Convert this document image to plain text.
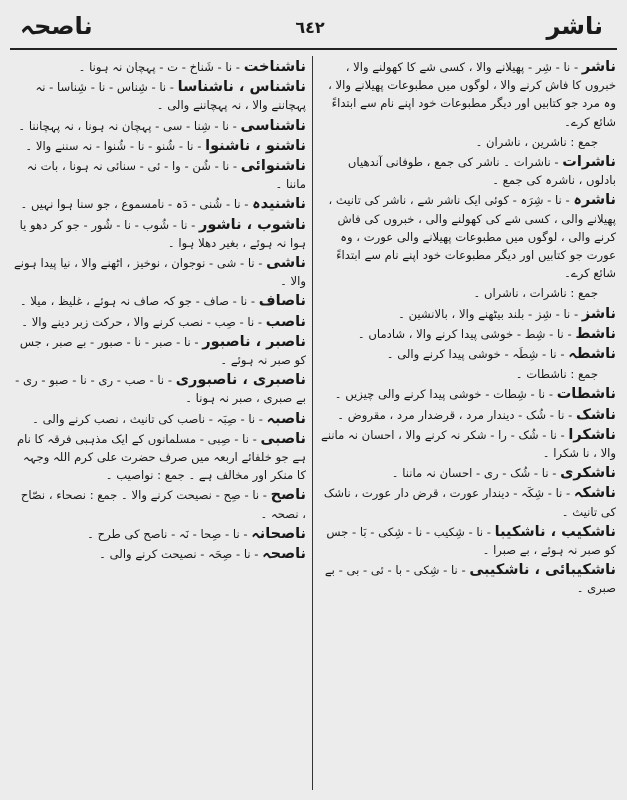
ناصحہ	٦٤٢	ناشر

ناشر - نا - شِر - پھیلانے والا ، کسی شے کا کھولنے والا ، خبروں کا فاش کرنے والا ، لوگوں میں مطبوعات پھیلانے والا ، وہ مرد جو کتابیں اور دیگر مطبوعات خود اپنے نام سے ابتداءً شائع کرے۔

جمع : ناشرین ، ناشران ۔

ناشرات - ناشرات ۔ ناشر کی جمع ، طوفانی آندھیاں بادلوں ، ناشرہ کی جمع ۔

ناشرہ - نا - شِرَہ - کوئی ایک ناشر شے ، ناشر کی تانیث ، پھیلانے والی ، کسی شے کی کھولنے والی ، خبروں کی فاش کرنے والی ، لوگوں میں مطبوعات پھیلانے والی عورت ، وہ عورت جو کتابیں اور دیگر مطبوعات خود اپنے نام سے ابتداءً شائع کرے۔

جمع : ناشرات ، ناشراں ۔

ناشز - نا - شِز - بلند بیٹھنے والا ، بالانشین ۔

ناشط - نا - شِط - خوشی پیدا کرنے والا ، شادماں ۔

ناشطہ - نا - شِطَہ - خوشی پیدا کرنے والی ۔

جمع : ناشطات ۔

ناشطات - نا - شِطات - خوشی پیدا کرنے والی چیزیں ۔

ناشک - نا - شُک - دیندار مرد ، قرضدار مرد ، مقروض ۔

ناشکرا - نا - شُک - را - شکر نہ کرنے والا ، احسان نہ ماننے والا ، نا شکرا ۔

ناشکری - نا - شُک - ری - احسان نہ ماننا ۔

ناشکہ - نا - شِکَہ - دیندار عورت ، قرض دار عورت ، ناشک کی تانیث ۔

ناشکیب ، ناشکیبا - نا - شِکیب - نا - شِکی - بَا - جس کو صبر نہ ہوئے ، بے صبرا ۔

ناشکیبائی ، ناشکیبی - نا - شِکی - با - ئی - بی - بے صبری ۔

ناشناخت - نا - شَناخ - ت - پہچان نہ ہونا ۔

ناشناس ، ناشناسا - نا - شِناس - نا - شِناسا - نہ پہچاننے والا ، نہ پہچاننے والی ۔

ناشناسی - نا - شِنا - سی - پہچان نہ ہونا ، نہ پہچاننا ۔

ناشنو ، ناشنوا - نا - شُنو - نا - شُنوا - نہ سننے والا ۔

ناشنوائی - نا - شُن - وا - ئی - سنائی نہ ہونا ، بات نہ ماننا ۔

ناشنیدہ - نا - شُنی - دَہ - نامسموع ، جو سنا ہوا نہیں ۔

ناشوب ، ناشور - نا - شُوب - نا - شُور - جو کر دھو یا ہوا نہ ہوئے ، بغیر دھلا ہوا ۔

ناشی - نا - شی - نوجوان ، نوخیز ، اٹھنے والا ، نیا پیدا ہونے والا ۔

ناصاف - نا - صاف - جو کہ صاف نہ ہوئے ، غلیظ ، میلا ۔

ناصب - نا - صِب - نصب کرنے والا ، حرکت زبر دینے والا ۔

ناصبر ، ناصبور - نا - صبر - نا - صبور - بے صبر ، جس کو صبر نہ ہوئے ۔

ناصبری ، ناصبوری - نا - صب - ری - نا - صبو - ری - بے صبری ، صبر نہ ہونا ۔

ناصبہ - نا - صِبَہ - ناصب کی تانیث ، نصب کرنے والی ۔

ناصبی - نا - صِبی - مسلمانوں کے ایک مذہبی فرقہ کا نام ہے جو خلفائے اربعہ میں صرف حضرت علی کرم اللہ وجہہ کا منکر اور مخالف ہے ۔ جمع : نواصیب ۔

ناصح - نا - صِح - نصیحت کرنے والا ۔ جمع : نصحاء ، نصّاح ، نصحہ ۔

ناصحانہ - نا - صِحا - نَہ - ناصح کی طرح ۔

ناصحہ - نا - صِحَہ - نصیحت کرنے والی ۔
